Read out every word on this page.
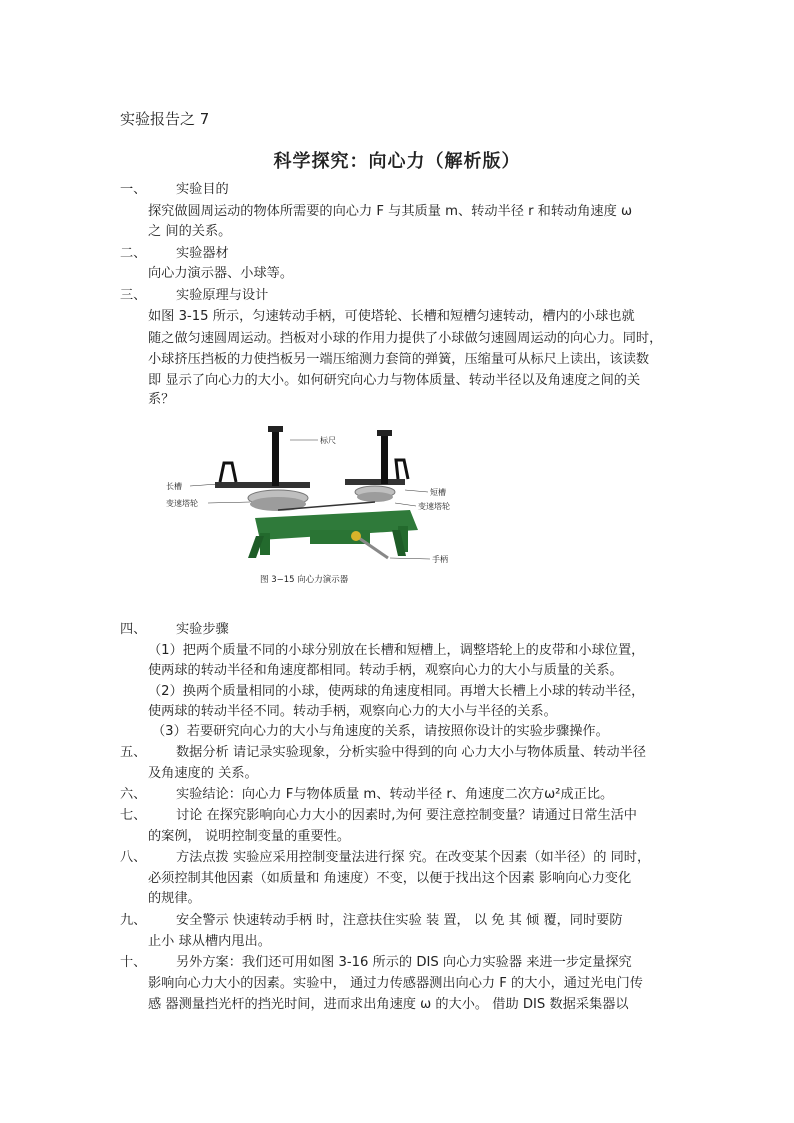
实验报告之 7
科学探究：向心力（解析版）
一、 实验目的
探究做圆周运动的物体所需要的向心力 F 与其质量 m、转动半径 r 和转动角速度 ω
之 间的关系。
二、 实验器材
向心力演示器、小球等。
三、 实验原理与设计
如图 3-15 所示，匀速转动手柄，可使塔轮、长槽和短槽匀速转动，槽内的小球也就
随之做匀速圆周运动。挡板对小球的作用力提供了小球做匀速圆周运动的向心力。同时，
小球挤压挡板的力使挡板另一端压缩测力套筒的弹簧，压缩量可从标尺上读出，该读数
即 显示了向心力的大小。如何研究向心力与物体质量、转动半径以及角速度之间的关
系？
标尺
长槽
变速塔轮
短槽
变速塔轮
手柄
图 3−15 向心力演示器
四、 实验步骤
（1）把两个质量不同的小球分别放在长槽和短槽上，调整塔轮上的皮带和小球位置，
使两球的转动半径和角速度都相同。转动手柄，观察向心力的大小与质量的关系。
（2）换两个质量相同的小球，使两球的角速度相同。再增大长槽上小球的转动半径，
使两球的转动半径不同。转动手柄，观察向心力的大小与半径的关系。
（3）若要研究向心力的大小与角速度的关系，请按照你设计的实验步骤操作。
五、 数据分析 请记录实验现象，分析实验中得到的向 心力大小与物体质量、转动半径
及角速度的 关系。
六、 实验结论：向心力 F与物体质量 m、转动半径 r、角速度二次方ω²成正比。
七、 讨论 在探究影响向心力大小的因素时,为何 要注意控制变量？请通过日常生活中
的案例， 说明控制变量的重要性。
八、 方法点拨 实验应采用控制变量法进行探 究。在改变某个因素（如半径）的 同时，
必须控制其他因素（如质量和 角速度）不变，以便于找出这个因素 影响向心力变化
的规律。
九、 安全警示 快速转动手柄 时，注意扶住实验 装 置， 以 免 其 倾 覆，同时要防
止小 球从槽内甩出。
十、 另外方案：我们还可用如图 3-16 所示的 DIS 向心力实验器 来进一步定量探究
影响向心力大小的因素。实验中， 通过力传感器测出向心力 F 的大小，通过光电门传
感 器测量挡光杆的挡光时间，进而求出角速度 ω 的大小。 借助 DIS 数据采集器以
